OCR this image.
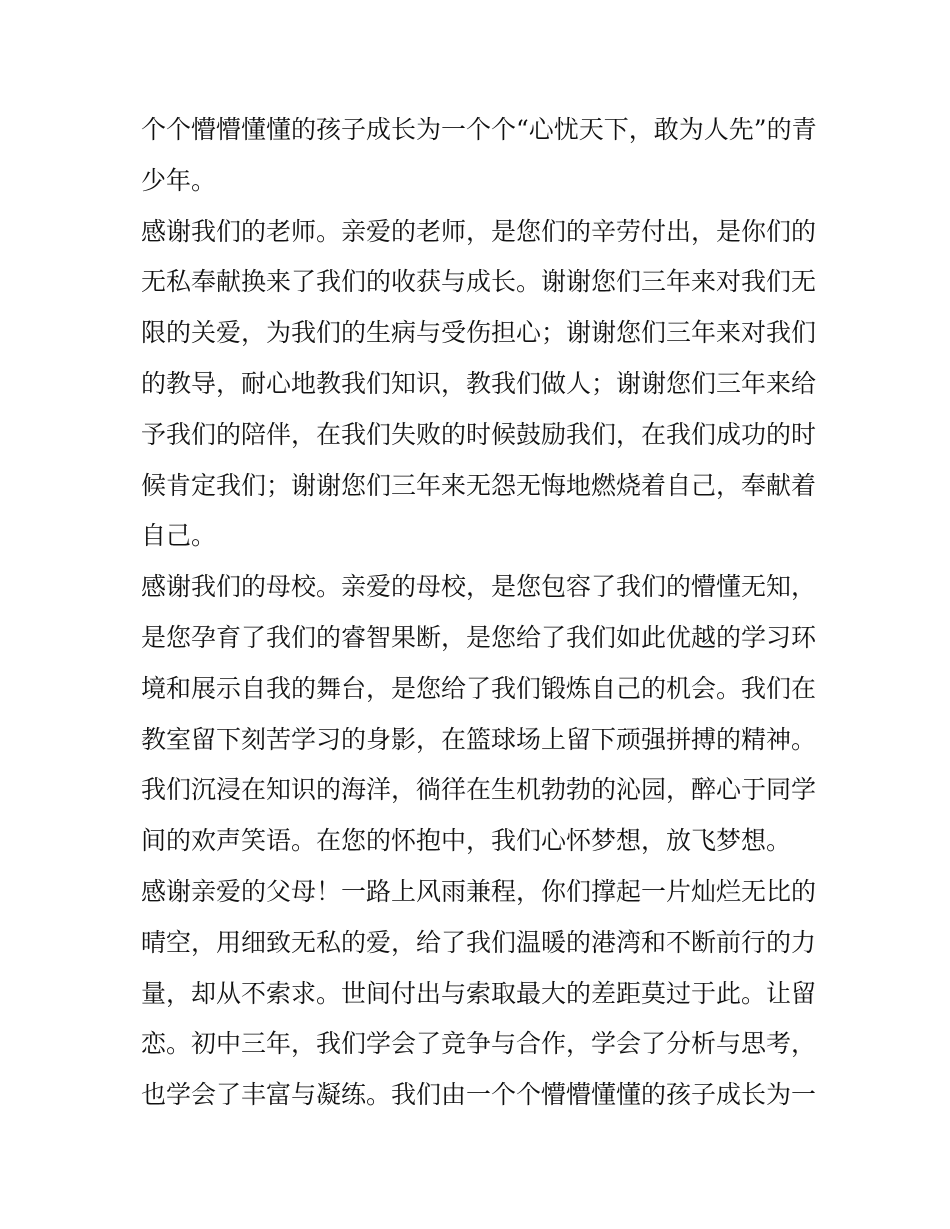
个个懵懵懂懂的孩子成长为一个个“心忧天下，敢为人先”的青
少年。
感谢我们的老师。亲爱的老师，是您们的辛劳付出，是你们的
无私奉献换来了我们的收获与成长。谢谢您们三年来对我们无
限的关爱，为我们的生病与受伤担心；谢谢您们三年来对我们
的教导，耐心地教我们知识，教我们做人；谢谢您们三年来给
予我们的陪伴，在我们失败的时候鼓励我们，在我们成功的时
候肯定我们；谢谢您们三年来无怨无悔地燃烧着自己，奉献着
自己。
感谢我们的母校。亲爱的母校，是您包容了我们的懵懂无知，
是您孕育了我们的睿智果断，是您给了我们如此优越的学习环
境和展示自我的舞台，是您给了我们锻炼自己的机会。我们在
教室留下刻苦学习的身影，在篮球场上留下顽强拼搏的精神。
我们沉浸在知识的海洋，徜徉在生机勃勃的沁园，醉心于同学
间的欢声笑语。在您的怀抱中，我们心怀梦想，放飞梦想。
感谢亲爱的父母！一路上风雨兼程，你们撑起一片灿烂无比的
晴空，用细致无私的爱，给了我们温暖的港湾和不断前行的力
量，却从不索求。世间付出与索取最大的差距莫过于此。让留
恋。初中三年，我们学会了竞争与合作，学会了分析与思考，
也学会了丰富与凝练。我们由一个个懵懵懂懂的孩子成长为一
